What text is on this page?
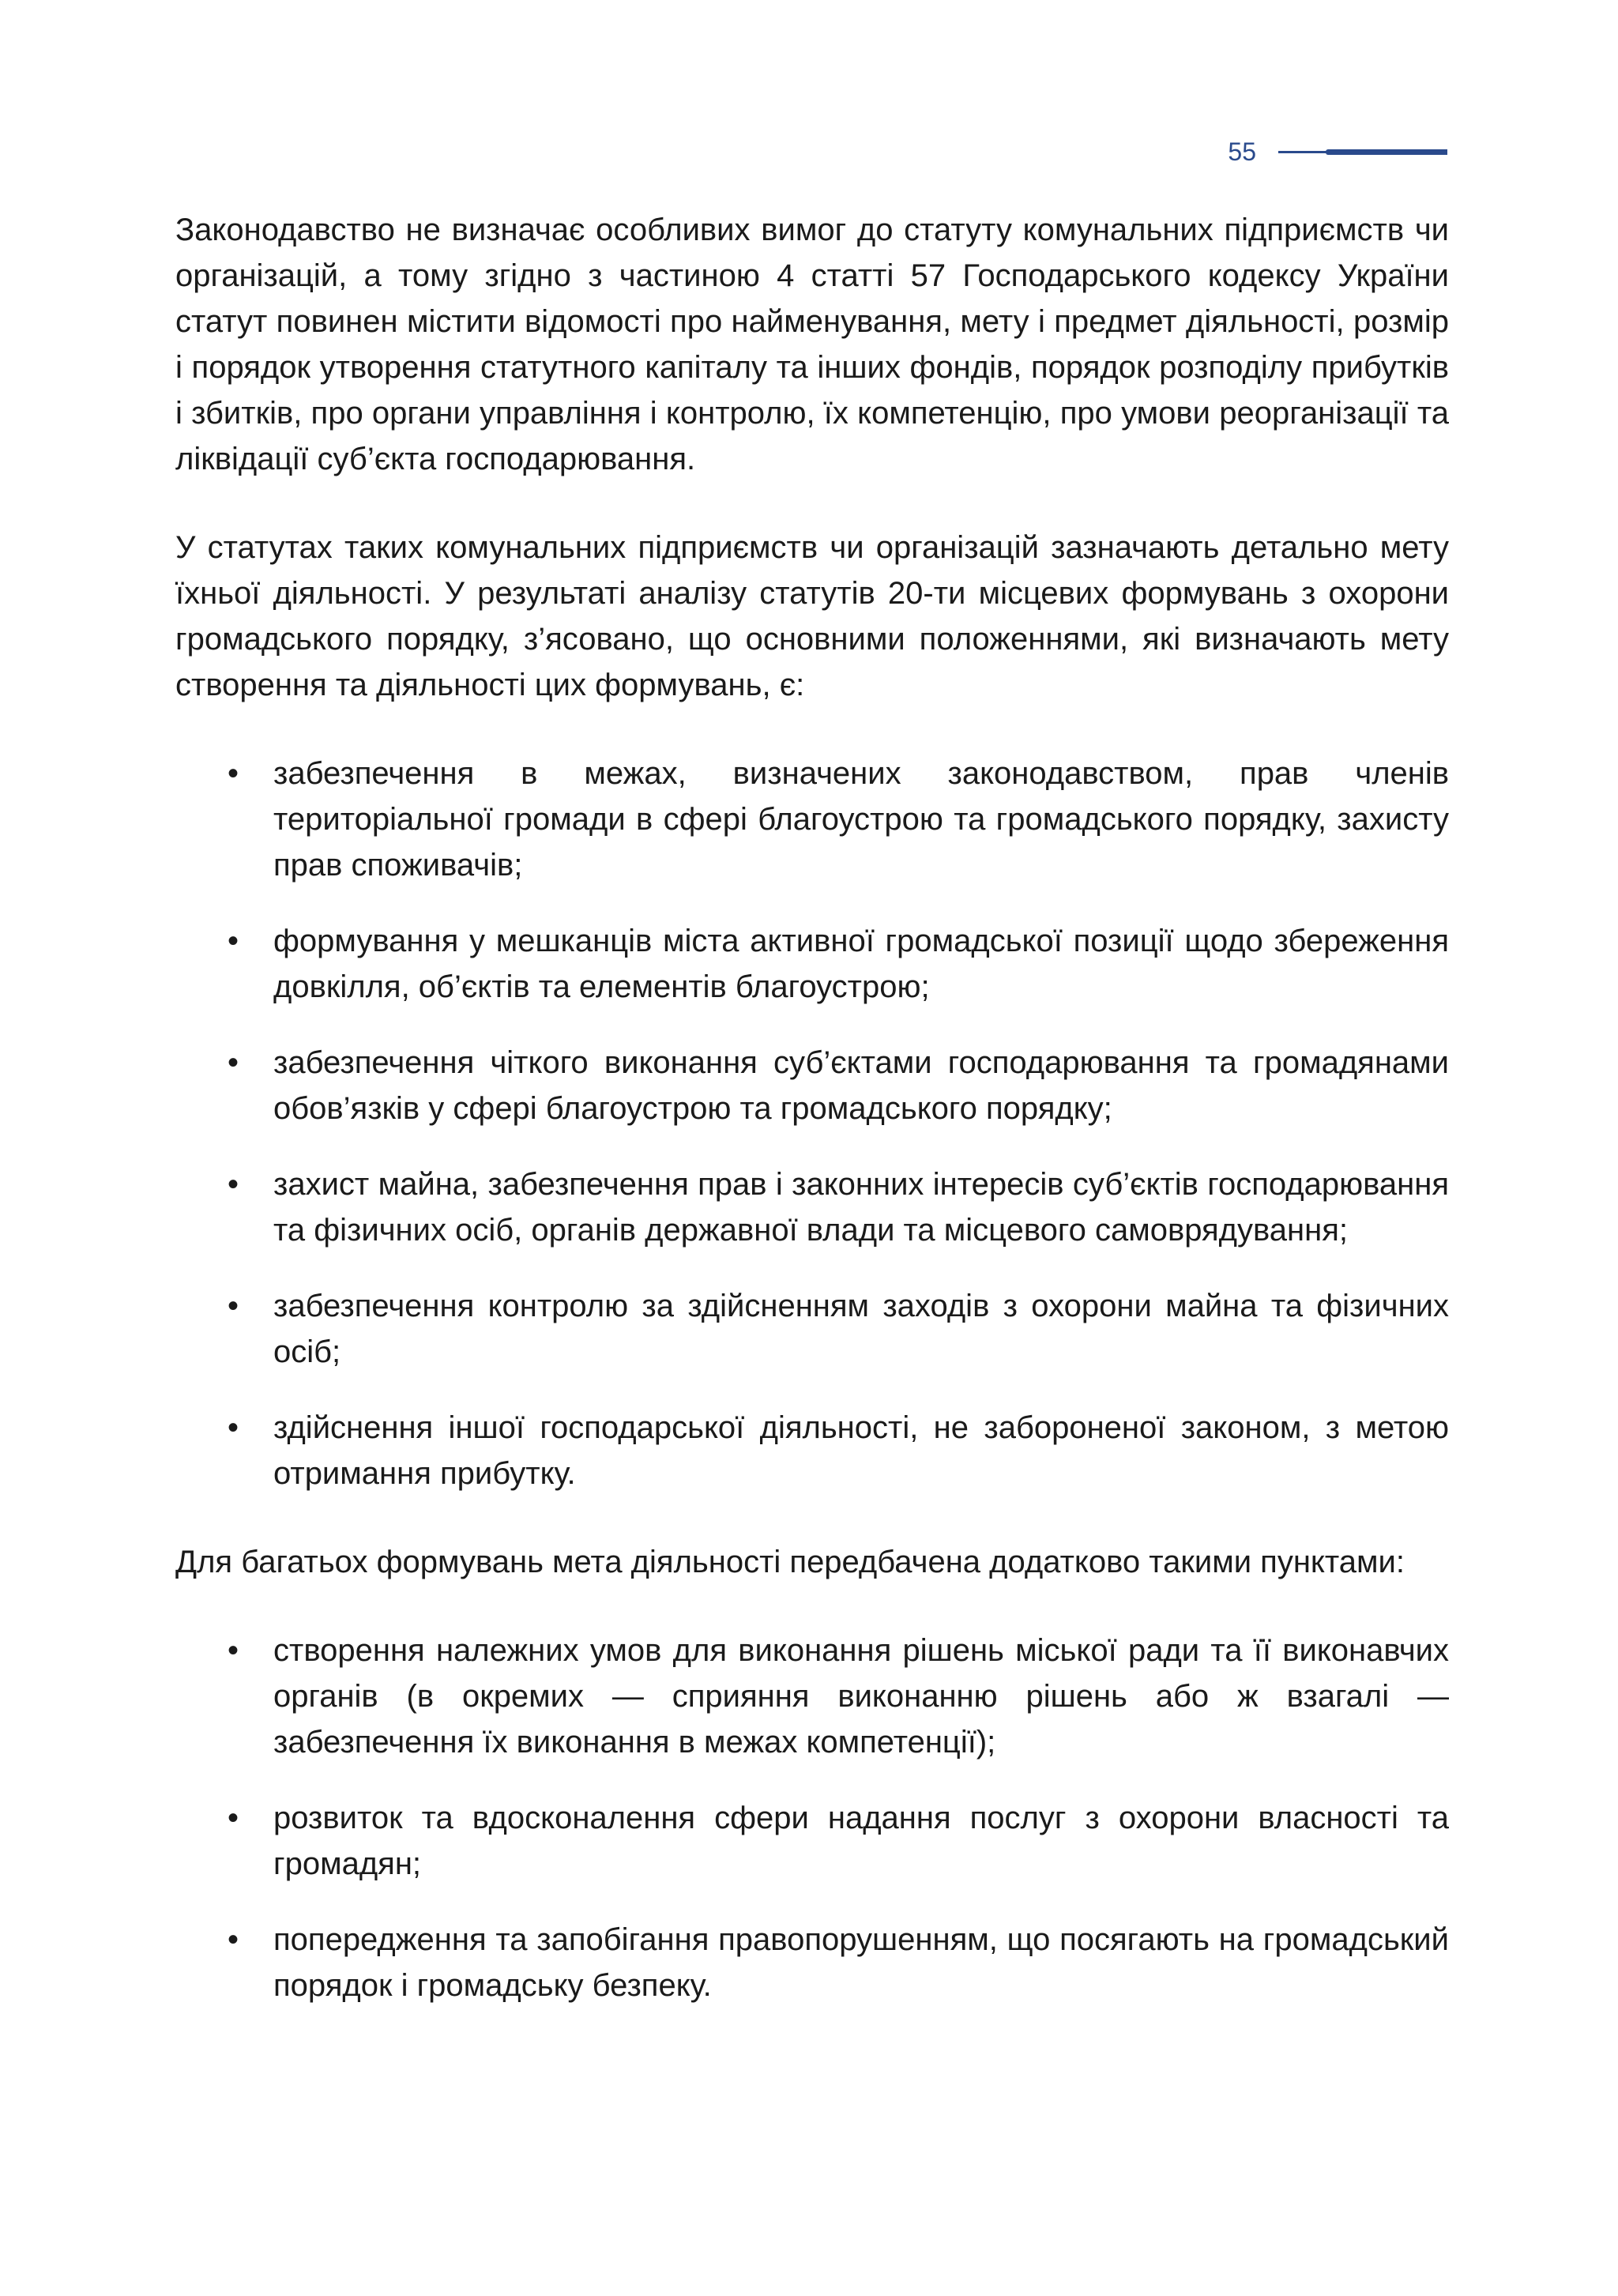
55

Законодавство не визначає особливих вимог до статуту комунальних підприємств чи організацій, а тому згідно з частиною 4 статті 57 Господарського кодексу України статут повинен містити відомості про найменування, мету і предмет діяльності, розмір і порядок утворення статутного капіталу та інших фондів, порядок розподілу прибутків і збитків, про органи управління і контролю, їх компетенцію, про умови реорганізації та ліквідації суб’єкта господарювання.

У статутах таких комунальних підприємств чи організацій зазначають детально мету їхньої діяльності. У результаті аналізу статутів 20-ти місцевих формувань з охорони громадського порядку, з’ясовано, що основними положеннями, які визначають мету створення та діяльності цих формувань, є:

• забезпечення в межах, визначених законодавством, прав членів територіальної громади в сфері благоустрою та громадського порядку, захисту прав споживачів;
• формування у мешканців міста активної громадської позиції щодо збереження довкілля, об’єктів та елементів благоустрою;
• забезпечення чіткого виконання суб’єктами господарювання та громадянами обов’язків у сфері благоустрою та громадського порядку;
• захист майна, забезпечення прав і законних інтересів суб’єктів господарювання та фізичних осіб, органів державної влади та місцевого самоврядування;
• забезпечення контролю за здійсненням заходів з охорони майна та фізичних осіб;
• здійснення іншої господарської діяльності, не забороненої законом, з метою отримання прибутку.

Для багатьох формувань мета діяльності передбачена додатково такими пунктами:

• створення належних умов для виконання рішень міської ради та її виконавчих органів (в окремих — сприяння виконанню рішень або ж взагалі — забезпечення їх виконання в межах компетенції);
• розвиток та вдосконалення сфери надання послуг з охорони власності та громадян;
• попередження та запобігання правопорушенням, що посягають на громадський порядок і громадську безпеку.
